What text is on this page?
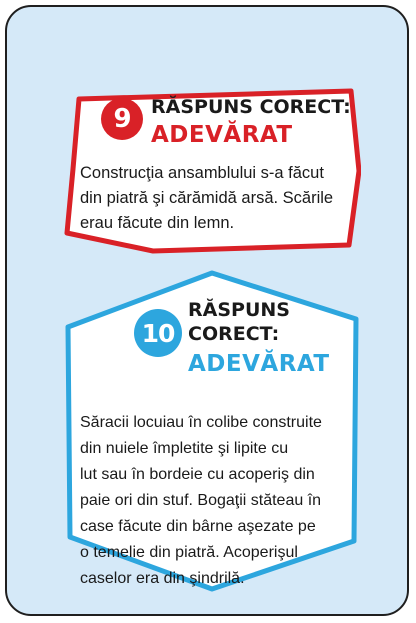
9	RĂSPUNS CORECT:
ADEVĂRAT
Construcţia ansamblului s-a făcut
din piatră şi cărămidă arsă. Scările
erau făcute din lemn.
10
RĂSPUNS
CORECT:
ADEVĂRAT

Săracii locuiau în colibe construite
din nuiele împletite şi lipite cu
lut sau în bordeie cu acoperiş din
paie ori din stuf. Bogaţii stăteau în
case făcute din bârne aşezate pe
o temelie din piatră. Acoperişul

caselor era din şindrilă.
